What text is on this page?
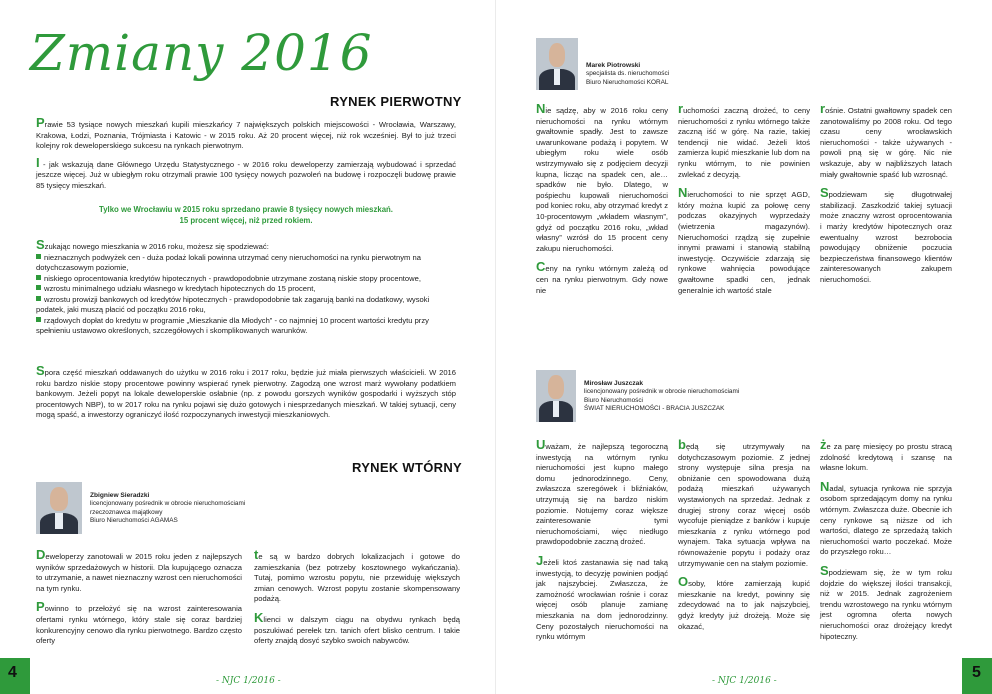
Zmiany 2016
RYNEK PIERWOTNY

Prawie 53 tysiące nowych mieszkań kupili mieszkańcy 7 największych polskich miejscowości - Wrocławia, Warszawy, Krakowa, Łodzi, Poznania, Trójmiasta i Katowic - w 2015 roku. Aż 20 procent więcej, niż rok wcześniej. Był to już trzeci kolejny rok deweloperskiego sukcesu na rynkach pierwotnym.

I - jak wskazują dane Głównego Urzędu Statystycznego - w 2016 roku deweloperzy zamierzają wybudować i sprzedać jeszcze więcej. Już w ubiegłym roku otrzymali prawie 100 tysięcy nowych pozwoleń na budowę i rozpoczęli budowę prawie 85 tysięcy mieszkań.

Tylko we Wrocławiu w 2015 roku sprzedano prawie 8 tysięcy nowych mieszkań.
15 procent więcej, niż przed rokiem.

Szukając nowego mieszkania w 2016 roku, możesz się spodziewać:

nieznacznych podwyżek cen - duża podaż lokali powinna utrzymać ceny nieruchomości na rynku pierwotnym na dotychczasowym poziomie,
niskiego oprocentowania kredytów hipotecznych - prawdopodobnie utrzymane zostaną niskie stopy procentowe,
wzrostu minimalnego udziału własnego w kredytach hipotecznych do 15 procent,
wzrostu prowizji bankowych od kredytów hipotecznych - prawdopodobnie tak zagarują banki na dodatkowy, wysoki podatek, jaki muszą płacić od początku 2016 roku,
rządowych dopłat do kredytu w programie „Mieszkanie dla Młodych” - co najmniej 10 procent wartości kredytu przy spełnieniu ustawowo określonych, szczegółowych i skomplikowanych warunków.

Spora część mieszkań oddawanych do użytku w 2016 roku i 2017 roku, będzie już miała pierwszych właścicieli. W 2016 roku bardzo niskie stopy procentowe powinny wspierać rynek pierwotny. Zagodzą one wzrost marż wywołany podatkiem bankowym. Jeżeli popyt na lokale deweloperskie osłabnie (np. z powodu gorszych wyników gospodarki i wyższych stóp procentowych NBP), to w 2017 roku na rynku pojawi się dużo gotowych i niesprzedanych mieszkań. W takiej sytuacji, ceny mogą spaść, a inwestorzy ograniczyć ilość rozpoczynanych inwestycji mieszkaniowych.

RYNEK WTÓRNY
Zbigniew Sieradzki
licencjonowany pośrednik w obrocie nieruchomościami
rzeczoznawca majątkowy
Biuro Nieruchomości AGAMAS

Deweloperzy zanotowali w 2015 roku jeden z najlepszych wyników sprzedażowych w historii. Dla kupującego oznacza to utrzymanie, a nawet nieznaczny wzrost cen nieruchomości na tym rynku.

Powinno to przełożyć się na wzrost zainteresowania ofertami rynku wtórnego, który stale się coraz bardziej konkurencyjny cenowo dla rynku pierwotnego. Bardzo często oferty

te są w bardzo dobrych lokalizacjach i gotowe do zamieszkania (bez potrzeby kosztownego wykańczania). Tutaj, pomimo wzrostu popytu, nie przewiduję większych zmian cenowych. Wzrost popytu zostanie skompensowany podażą.

Klienci w dalszym ciągu na obydwu rynkach będą poszukiwać perełek tzn. tanich ofert blisko centrum. I takie oferty znajdą dosyć szybko swoich nabywców.

4	- NJC 1/2016 -
Marek Piotrowski
specjalista ds. nieruchomości
Biuro Nieruchomości KORAL

Nie sądzę, aby w 2016 roku ceny nieruchomości na rynku wtórnym gwałtownie spadły. Jest to zawsze uwarunkowane podażą i popytem. W ubiegłym roku wiele osób wstrzymywało się z podjęciem decyzji kupna, licząc na spadek cen, ale… spadków nie było. Dlatego, w pośpiechu kupowali nieruchomości pod koniec roku, aby otrzymać kredyt z 10-procentowym „wkładem własnym”, gdyż od początku 2016 roku, „wkład własny” wzrósł do 15 procent ceny zakupu nieruchomości.

Ceny na rynku wtórnym zależą od cen na rynku pierwotnym. Gdy nowe nie

ruchomości zaczną drożeć, to ceny nieruchomości z rynku wtórnego także zaczną iść w górę. Na razie, takiej tendencji nie widać. Jeżeli ktoś zamierza kupić mieszkanie lub dom na rynku wtórnym, to nie powinien zwlekać z decyzją.

Nieruchomości to nie sprzęt AGD, który można kupić za połowę ceny podczas okazyjnych wyprzedaży (wietrzenia magazynów). Nieruchomości rządzą się zupełnie innymi prawami i stanowią stabilną inwestycję. Oczywiście zdarzają się rynkowe wahnięcia powodujące gwałtowne spadki cen, jednak generalnie ich wartość stale

rośnie. Ostatni gwałtowny spadek cen zanotowaliśmy po 2008 roku. Od tego czasu ceny wrocławskich nieruchomości - także używanych - powoli pną się w górę. Nic nie wskazuje, aby w najbliższych latach miały gwałtownie spaść lub wzrosnąć.

Spodziewam się długotrwałej stabilizacji. Zaszkodzić takiej sytuacji może znaczny wzrost oprocentowania i marży kredytów hipotecznych oraz ewentualny wzrost bezrobocia powodujący obniżenie poczucia bezpieczeństwa finansowego klientów zainteresowanych zakupem nieruchomości.

Mirosław Juszczak
licencjonowany pośrednik w obrocie nieruchomościami
Biuro Nieruchomości
ŚWIAT NIERUCHOMOŚCI - BRACIA JUSZCZAK

Uważam, że najlepszą tegoroczną inwestycją na wtórnym rynku nieruchomości jest kupno małego domu jednorodzinnego. Ceny, zwłaszcza szeregówek i bliźniaków, utrzymują się na bardzo niskim poziomie. Notujemy coraz większe zainteresowanie tymi nieruchomościami, więc niedługo prawdopodobnie zaczną drożeć.

Jeżeli ktoś zastanawia się nad taką inwestycją, to decyzję powinien podjąć jak najszybciej. Zwłaszcza, że zamożność wrocławian rośnie i coraz więcej osób planuje zamianę mieszkania na dom jednorodzinny. Ceny pozostałych nieruchomości na rynku wtórnym

będą się utrzymywały na dotychczasowym poziomie. Z jednej strony występuje silna presja na obniżanie cen spowodowana dużą podażą mieszkań używanych wystawionych na sprzedaż. Jednak z drugiej strony coraz więcej osób wycofuje pieniądze z banków i kupuje mieszkania z rynku wtórnego pod wynajem. Taka sytuacja wpływa na równoważenie popytu i podaży oraz utrzymywanie cen na stałym poziomie.

Osoby, które zamierzają kupić mieszkanie na kredyt, powinny się zdecydować na to jak najszybciej, gdyż kredyty już drożeją. Może się okazać,

że za parę miesięcy po prostu stracą zdolność kredytową i szansę na własne lokum.

Nadal, sytuacja rynkowa nie sprzyja osobom sprzedającym domy na rynku wtórnym. Zwłaszcza duże. Obecnie ich ceny rynkowe są niższe od ich wartości, dlatego ze sprzedażą takich nieruchomości warto poczekać. Może do przyszłego roku…

Spodziewam się, że w tym roku dojdzie do większej ilości transakcji, niż w 2015. Jednak zagrożeniem trendu wzrostowego na rynku wtórnym jest ogromna oferta nowych nieruchomości oraz drożejący kredyt hipoteczny.

- NJC 1/2016 -	5
